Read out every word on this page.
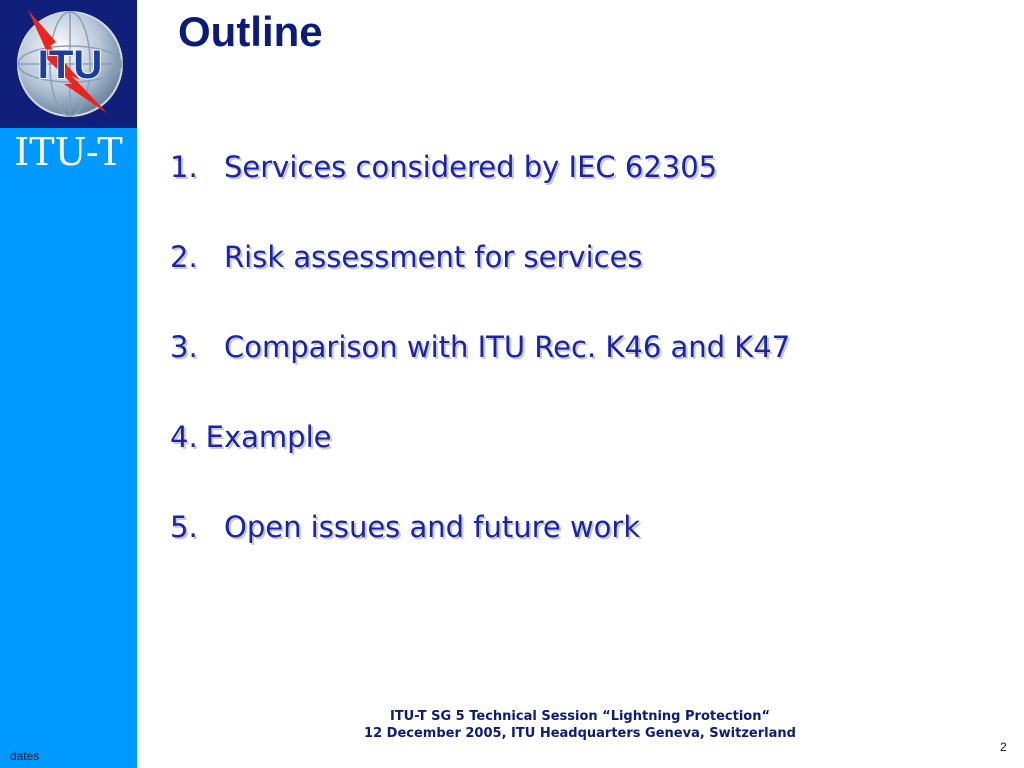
ITU
ITU-T
dates
Outline
1. Services considered by IEC 62305
2. Risk assessment for services
3. Comparison with ITU Rec. K46 and K47
4. Example
5. Open issues and future work
ITU-T SG 5 Technical Session “Lightning Protection“
12 December 2005, ITU Headquarters Geneva, Switzerland
2
